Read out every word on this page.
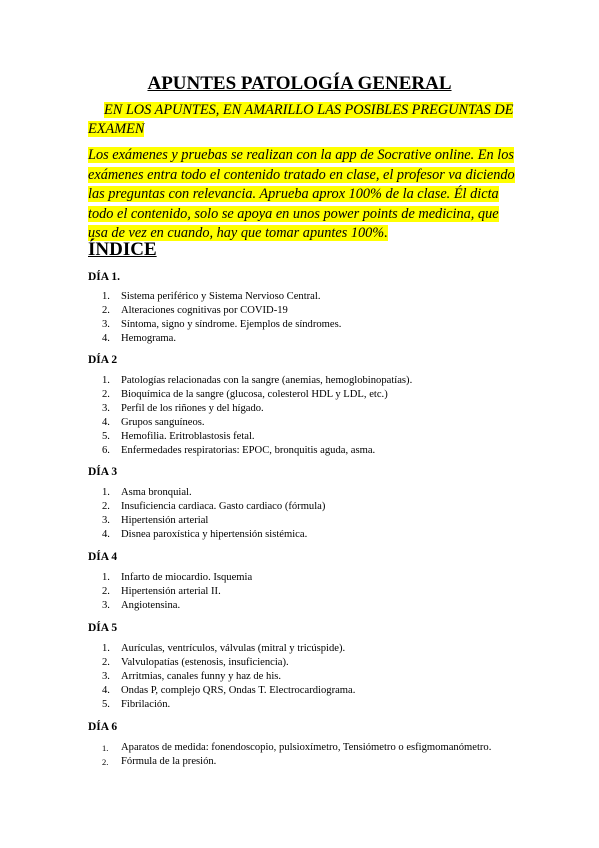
APUNTES PATOLOGÍA GENERAL
EN LOS APUNTES, EN AMARILLO LAS POSIBLES PREGUNTAS DE EXAMEN
Los exámenes y pruebas se realizan con la app de Socrative online. En los exámenes entra todo el contenido tratado en clase, el profesor va diciendo las preguntas con relevancia. Aprueba aprox 100% de la clase. Él dicta todo el contenido, solo se apoya en unos power points de medicina, que usa de vez en cuando, hay que tomar apuntes 100%.
ÍNDICE
DÍA 1.
1.	Sistema periférico y Sistema Nervioso Central.
2.	Alteraciones cognitivas por COVID-19
3.	Síntoma, signo y síndrome. Ejemplos de síndromes.
4.	Hemograma.
DÍA 2
1.	Patologías relacionadas con la sangre (anemias, hemoglobinopatías).
2.	Bioquímica de la sangre (glucosa, colesterol HDL y LDL, etc.)
3.	Perfil de los riñones y del hígado.
4.	Grupos sanguíneos.
5.	Hemofilia. Eritroblastosis fetal.
6.	Enfermedades respiratorias: EPOC, bronquitis aguda, asma.
DÍA 3
1.	Asma bronquial.
2.	Insuficiencia cardiaca. Gasto cardiaco (fórmula)
3.	Hipertensión arterial
4.	Disnea paroxística y hipertensión sistémica.
DÍA 4
1.	Infarto de miocardio. Isquemia
2.	Hipertensión arterial II.
3.	Angiotensina.
DÍA 5
1.	Aurículas, ventrículos, válvulas (mitral y tricúspide).
2.	Valvulopatías (estenosis, insuficiencia).
3.	Arritmias, canales funny y haz de his.
4.	Ondas P, complejo QRS, Ondas T. Electrocardiograma.
5.	Fibrilación.
DÍA 6
1.	Aparatos de medida: fonendoscopio, pulsioxímetro, Tensiómetro o esfigmomanómetro.
2.	Fórmula de la presión.
